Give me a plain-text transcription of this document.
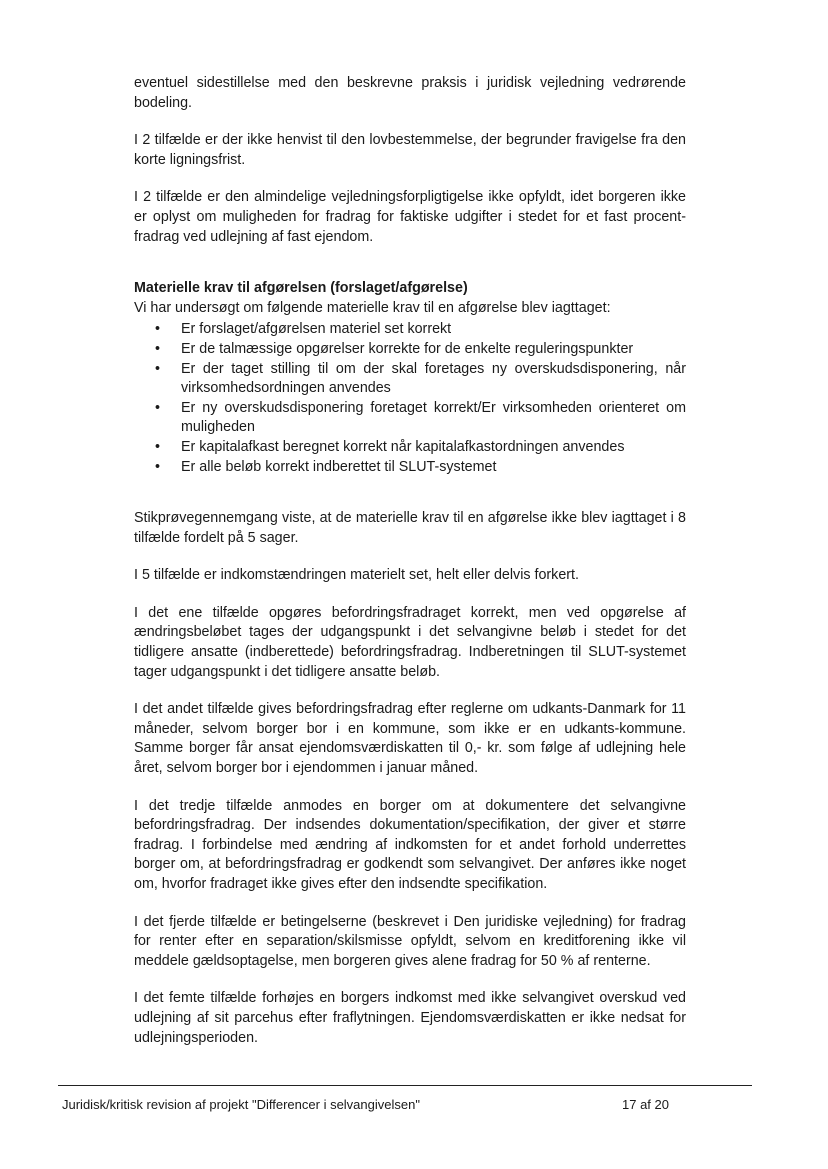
eventuel sidestillelse med den beskrevne praksis i juridisk vejledning vedrørende bodeling.

I 2 tilfælde er der ikke henvist til den lovbestemmelse, der begrunder fravigelse fra den korte ligningsfrist.

I 2 tilfælde er den almindelige vejledningsforpligtigelse ikke opfyldt, idet borgeren ikke er oplyst om muligheden for fradrag for faktiske udgifter i stedet for et fast procent-fradrag ved udlejning af fast ejendom.

Materielle krav til afgørelsen (forslaget/afgørelse)

Vi har undersøgt om følgende materielle krav til en afgørelse blev iagttaget:

• Er forslaget/afgørelsen materiel set korrekt
• Er de talmæssige opgørelser korrekte for de enkelte reguleringspunkter
• Er der taget stilling til om der skal foretages ny overskudsdisponering, når virksomhedsordningen anvendes
• Er ny overskudsdisponering foretaget korrekt/Er virksomheden orienteret om muligheden
• Er kapitalafkast beregnet korrekt når kapitalafkastordningen anvendes
• Er alle beløb korrekt indberettet til SLUT-systemet

Stikprøvegennemgang viste, at de materielle krav til en afgørelse ikke blev iagttaget i 8 tilfælde fordelt på 5 sager.

I 5 tilfælde er indkomstændringen materielt set, helt eller delvis forkert.

I det ene tilfælde opgøres befordringsfradraget korrekt, men ved opgørelse af ændringsbeløbet tages der udgangspunkt i det selvangivne beløb i stedet for det tidligere ansatte (indberettede) befordringsfradrag. Indberetningen til SLUT-systemet tager udgangspunkt i det tidligere ansatte beløb.

I det andet tilfælde gives befordringsfradrag efter reglerne om udkants-Danmark for 11 måneder, selvom borger bor i en kommune, som ikke er en udkants-kommune. Samme borger får ansat ejendomsværdiskatten til 0,- kr. som følge af udlejning hele året, selvom borger bor i ejendommen i januar måned.

I det tredje tilfælde anmodes en borger om at dokumentere det selvangivne befordringsfradrag. Der indsendes dokumentation/specifikation, der giver et større fradrag. I forbindelse med ændring af indkomsten for et andet forhold underrettes borger om, at befordringsfradrag er godkendt som selvangivet. Der anføres ikke noget om, hvorfor fradraget ikke gives efter den indsendte specifikation.

I det fjerde tilfælde er betingelserne (beskrevet i Den juridiske vejledning) for fradrag for renter efter en separation/skilsmisse opfyldt, selvom en kreditforening ikke vil meddele gældsoptagelse, men borgeren gives alene fradrag for 50 % af renterne.

I det femte tilfælde forhøjes en borgers indkomst med ikke selvangivet overskud ved udlejning af sit parcehus efter fraflytningen. Ejendomsværdiskatten er ikke nedsat for udlejningsperioden.

Juridisk/kritisk revision af projekt "Differencer i selvangivelsen"	17 af 20
